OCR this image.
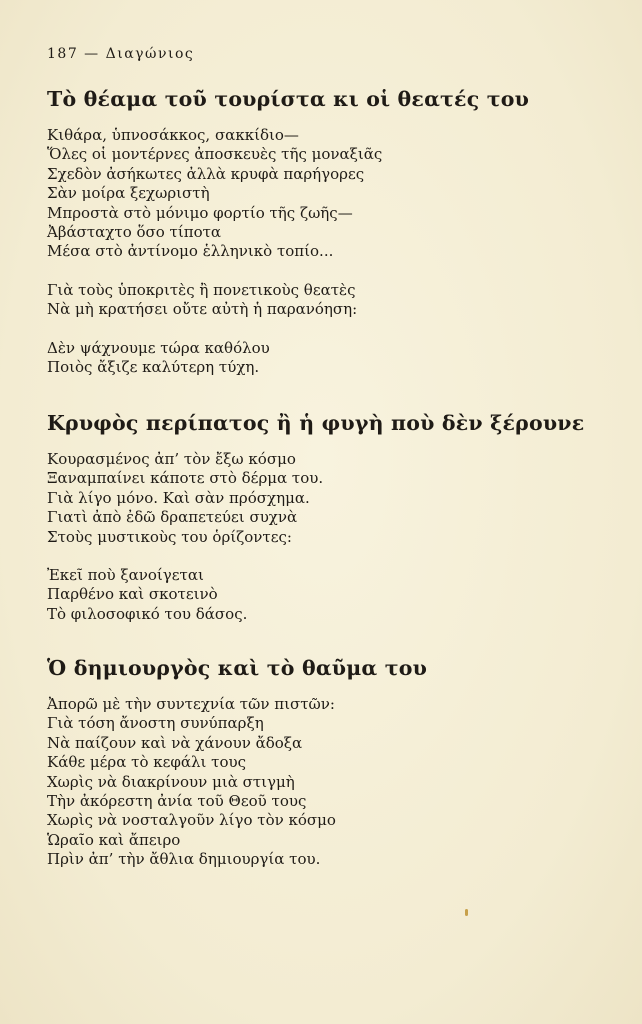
187 — Διαγώνιος
Τὸ θέαμα τοῦ τουρίστα κι οἱ θεατές του
Κιθάρα, ὑπνοσάκκος, σακκίδιο—
Ὅλες οἱ μοντέρνες ἀποσκευὲς τῆς μοναξιᾶς
Σχεδὸν ἀσήκωτες ἀλλὰ κρυφὰ παρήγορες
Σὰν μοίρα ξεχωριστὴ
Μπροστὰ στὸ μόνιμο φορτίο τῆς ζωῆς—
Ἀβάσταχτο ὅσο τίποτα
Μέσα στὸ ἀντίνομο ἑλληνικὸ τοπίο...
Γιὰ τοὺς ὑποκριτὲς ἢ πονετικοὺς θεατὲς
Νὰ μὴ κρατήσει οὔτε αὐτὴ ἡ παρανόηση:
Δὲν ψάχνουμε τώρα καθόλου
Ποιὸς ἄξιζε καλύτερη τύχη.
Κρυφὸς περίπατος ἢ ἡ φυγὴ ποὺ δὲν ξέρουνε
Κουρασμένος ἀπ’ τὸν ἔξω κόσμο
Ξαναμπαίνει κάποτε στὸ δέρμα του.
Γιὰ λίγο μόνο. Καὶ σὰν πρόσχημα.
Γιατὶ ἀπὸ ἐδῶ δραπετεύει συχνὰ
Στοὺς μυστικοὺς του ὁρίζοντες:
Ἐκεῖ ποὺ ξανοίγεται
Παρθένο καὶ σκοτεινὸ
Τὸ φιλοσοφικό του δάσος.
Ὁ δημιουργὸς καὶ τὸ θαῦμα του
Ἀπορῶ μὲ τὴν συντεχνία τῶν πιστῶν:
Γιὰ τόση ἄνοστη συνύπαρξη
Νὰ παίζουν καὶ νὰ χάνουν ἄδοξα
Κάθε μέρα τὸ κεφάλι τους
Χωρὶς νὰ διακρίνουν μιὰ στιγμὴ
Τὴν ἀκόρεστη ἀνία τοῦ Θεοῦ τους
Χωρὶς νὰ νοσταλγοῦν λίγο τὸν κόσμο
Ὡραῖο καὶ ἄπειρο
Πρὶν ἀπ’ τὴν ἄθλια δημιουργία του.
